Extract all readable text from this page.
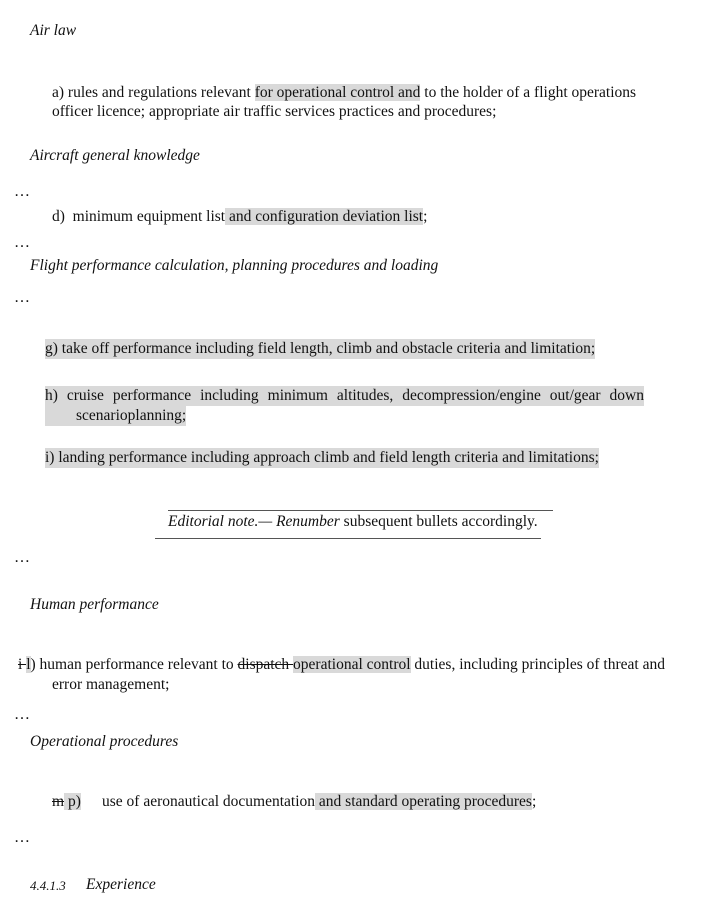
Air law
a) rules and regulations relevant for operational control and to the holder of a flight operations
officer licence; appropriate air traffic services practices and procedures;
Aircraft general knowledge
…
d) minimum equipment list and configuration deviation list;
…
Flight performance calculation, planning procedures and loading
…
g) take off performance including field length, climb and obstacle criteria and limitation;
h) cruise performance including minimum altitudes, decompression/engine out/gear down
scenarioplanning;
i) landing performance including approach climb and field length criteria and limitations;
Editorial note.— Renumber subsequent bullets accordingly.
…
Human performance
i l) human performance relevant to dispatch operational control duties, including principles of threat and
error management;
…
Operational procedures
m p) use of aeronautical documentation and standard operating procedures;
…
4.4.1.3 Experience
